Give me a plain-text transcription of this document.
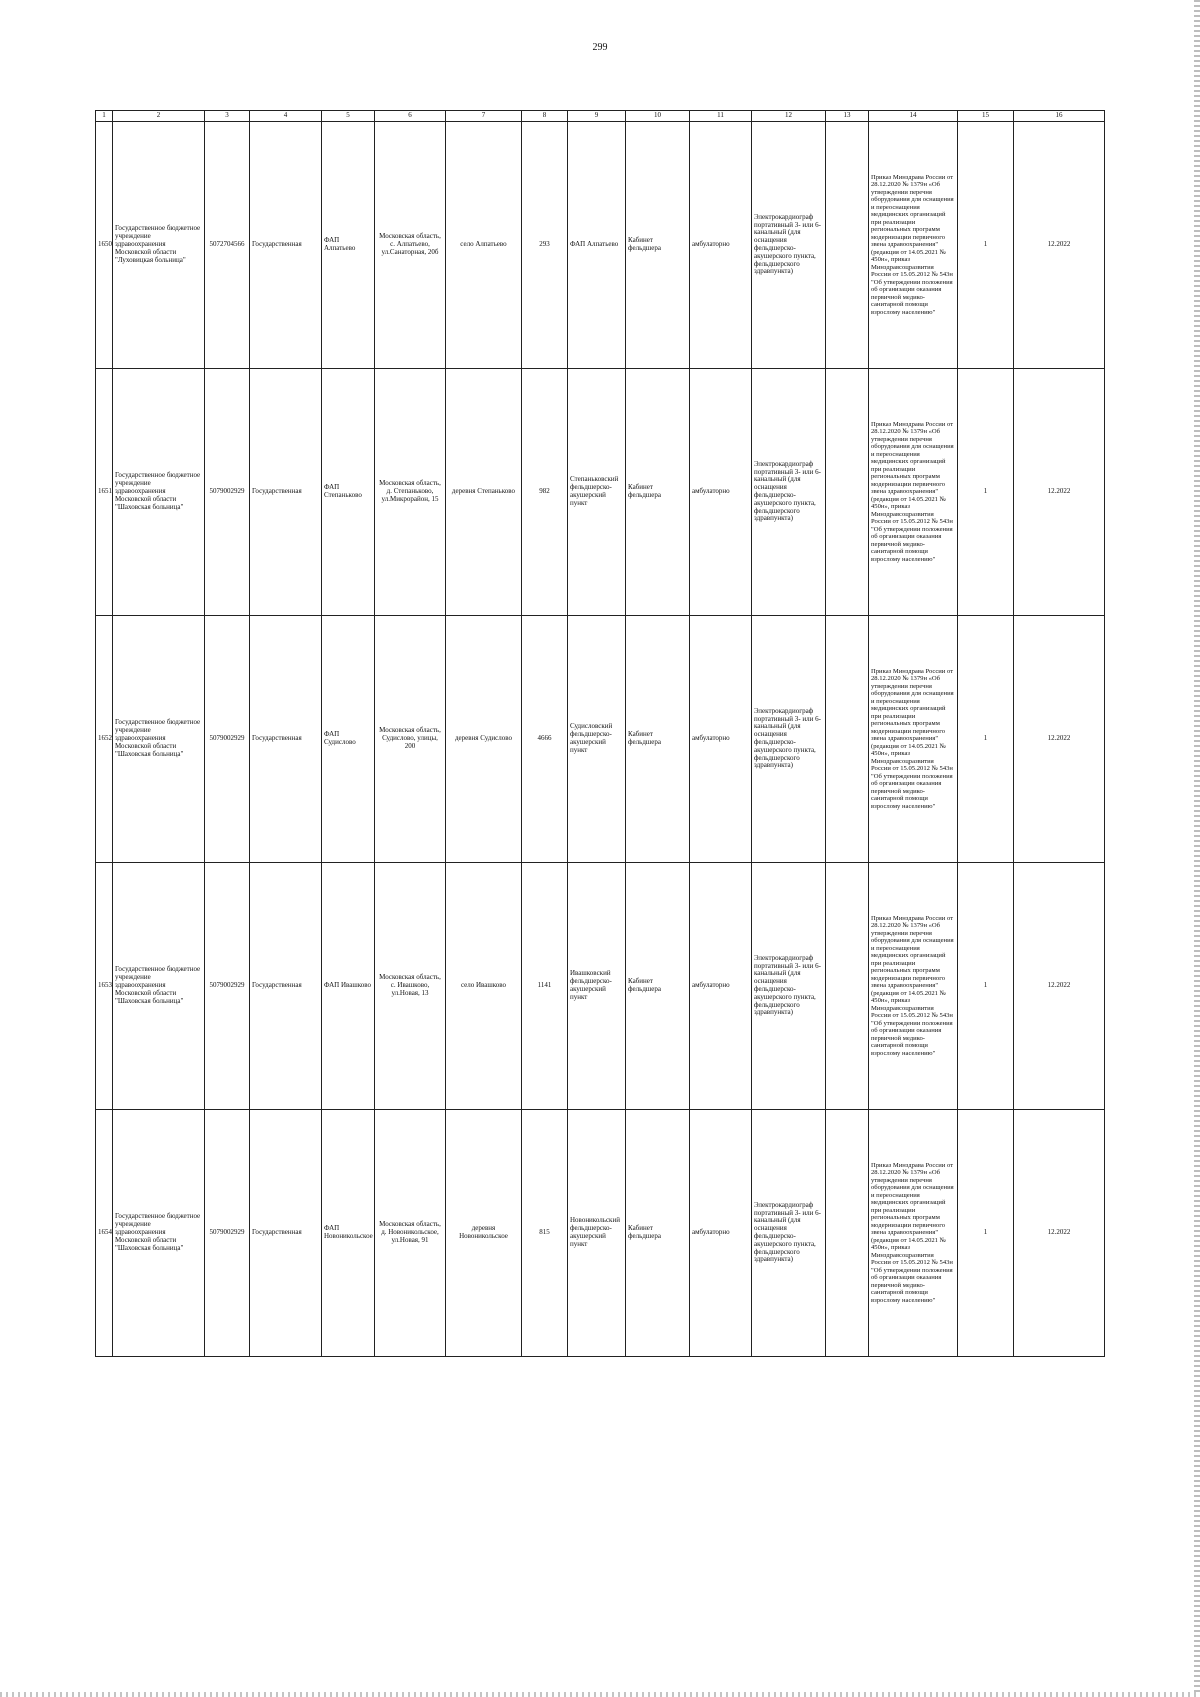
299
1	2	3	4	5	6	7	8	9	10	11	12	13	14	15	16
1650	Государственное бюджетное учреждение здравоохранения Московской области "Луховицкая больница"	5072704566	Государственная	ФАП Алпатьево	Московская область, с. Алпатьево, ул.Санаторная, 20б	село Алпатьево	293	ФАП Алпатьево	Кабинет фельдшера	амбулаторно	Электрокардиограф портативный 3- или 6-канальный (для оснащения фельдшерско-акушерского пункта, фельдшерского здравпункта)		Приказ Минздрава России от 28.12.2020 № 1379н «Об утверждении перечня оборудования для оснащения и переоснащения медицинских организаций при реализации региональных программ модернизации первичного звена здравоохранения"(редакция от 14.05.2021 № 450н», приказ Минздравсоцразвития России от 15.05.2012 № 543н "Об утверждении положения об организации оказания первичной медико-санитарной помощи взрослому населению"	1	12.2022
1651	Государственное бюджетное учреждение здравоохранения Московской области "Шаховская больница"	5079002929	Государственная	ФАП Степаньково	Московская область, д. Степаньково, ул.Микрорайон, 15	деревня Степаньково	982	Степаньковский фельдшерско-акушерский пункт	Кабинет фельдшера	амбулаторно	Электрокардиограф портативный 3- или 6-канальный (для оснащения фельдшерско-акушерского пункта, фельдшерского здравпункта)		Приказ Минздрава России от 28.12.2020 № 1379н «Об утверждении перечня оборудования для оснащения и переоснащения медицинских организаций при реализации региональных программ модернизации первичного звена здравоохранения"(редакция от 14.05.2021 № 450н», приказ Минздравсоцразвития России от 15.05.2012 № 543н "Об утверждении положения об организации оказания первичной медико-санитарной помощи взрослому населению"	1	12.2022
1652	Государственное бюджетное учреждение здравоохранения Московской области "Шаховская больница"	5079002929	Государственная	ФАП Судислово	Московская область, Судислово, улицы, 200	деревня Судислово	4666	Судисловский фельдшерско-акушерский пункт	Кабинет фельдшера	амбулаторно	Электрокардиограф портативный 3- или 6-канальный (для оснащения фельдшерско-акушерского пункта, фельдшерского здравпункта)		Приказ Минздрава России от 28.12.2020 № 1379н «Об утверждении перечня оборудования для оснащения и переоснащения медицинских организаций при реализации региональных программ модернизации первичного звена здравоохранения"(редакция от 14.05.2021 № 450н», приказ Минздравсоцразвития России от 15.05.2012 № 543н "Об утверждении положения об организации оказания первичной медико-санитарной помощи взрослому населению"	1	12.2022
1653	Государственное бюджетное учреждение здравоохранения Московской области "Шаховская больница"	5079002929	Государственная	ФАП Ивашково	Московская область, с. Ивашково, ул.Новая, 13	село Ивашково	1141	Ивашковский фельдшерско-акушерский пункт	Кабинет фельдшера	амбулаторно	Электрокардиограф портативный 3- или 6-канальный (для оснащения фельдшерско-акушерского пункта, фельдшерского здравпункта)		Приказ Минздрава России от 28.12.2020 № 1379н «Об утверждении перечня оборудования для оснащения и переоснащения медицинских организаций при реализации региональных программ модернизации первичного звена здравоохранения"(редакция от 14.05.2021 № 450н», приказ Минздравсоцразвития России от 15.05.2012 № 543н "Об утверждении положения об организации оказания первичной медико-санитарной помощи взрослому населению"	1	12.2022
1654	Государственное бюджетное учреждение здравоохранения Московской области "Шаховская больница"	5079002929	Государственная	ФАП Новоникольское	Московская область, д. Новоникольское, ул.Новая, 91	деревня Новоникольское	815	Новоникольский фельдшерско-акушерский пункт	Кабинет фельдшера	амбулаторно	Электрокардиограф портативный 3- или 6-канальный (для оснащения фельдшерско-акушерского пункта, фельдшерского здравпункта)		Приказ Минздрава России от 28.12.2020 № 1379н «Об утверждении перечня оборудования для оснащения и переоснащения медицинских организаций при реализации региональных программ модернизации первичного звена здравоохранения"(редакция от 14.05.2021 № 450н», приказ Минздравсоцразвития России от 15.05.2012 № 543н "Об утверждении положения об организации оказания первичной медико-санитарной помощи взрослому населению"	1	12.2022
